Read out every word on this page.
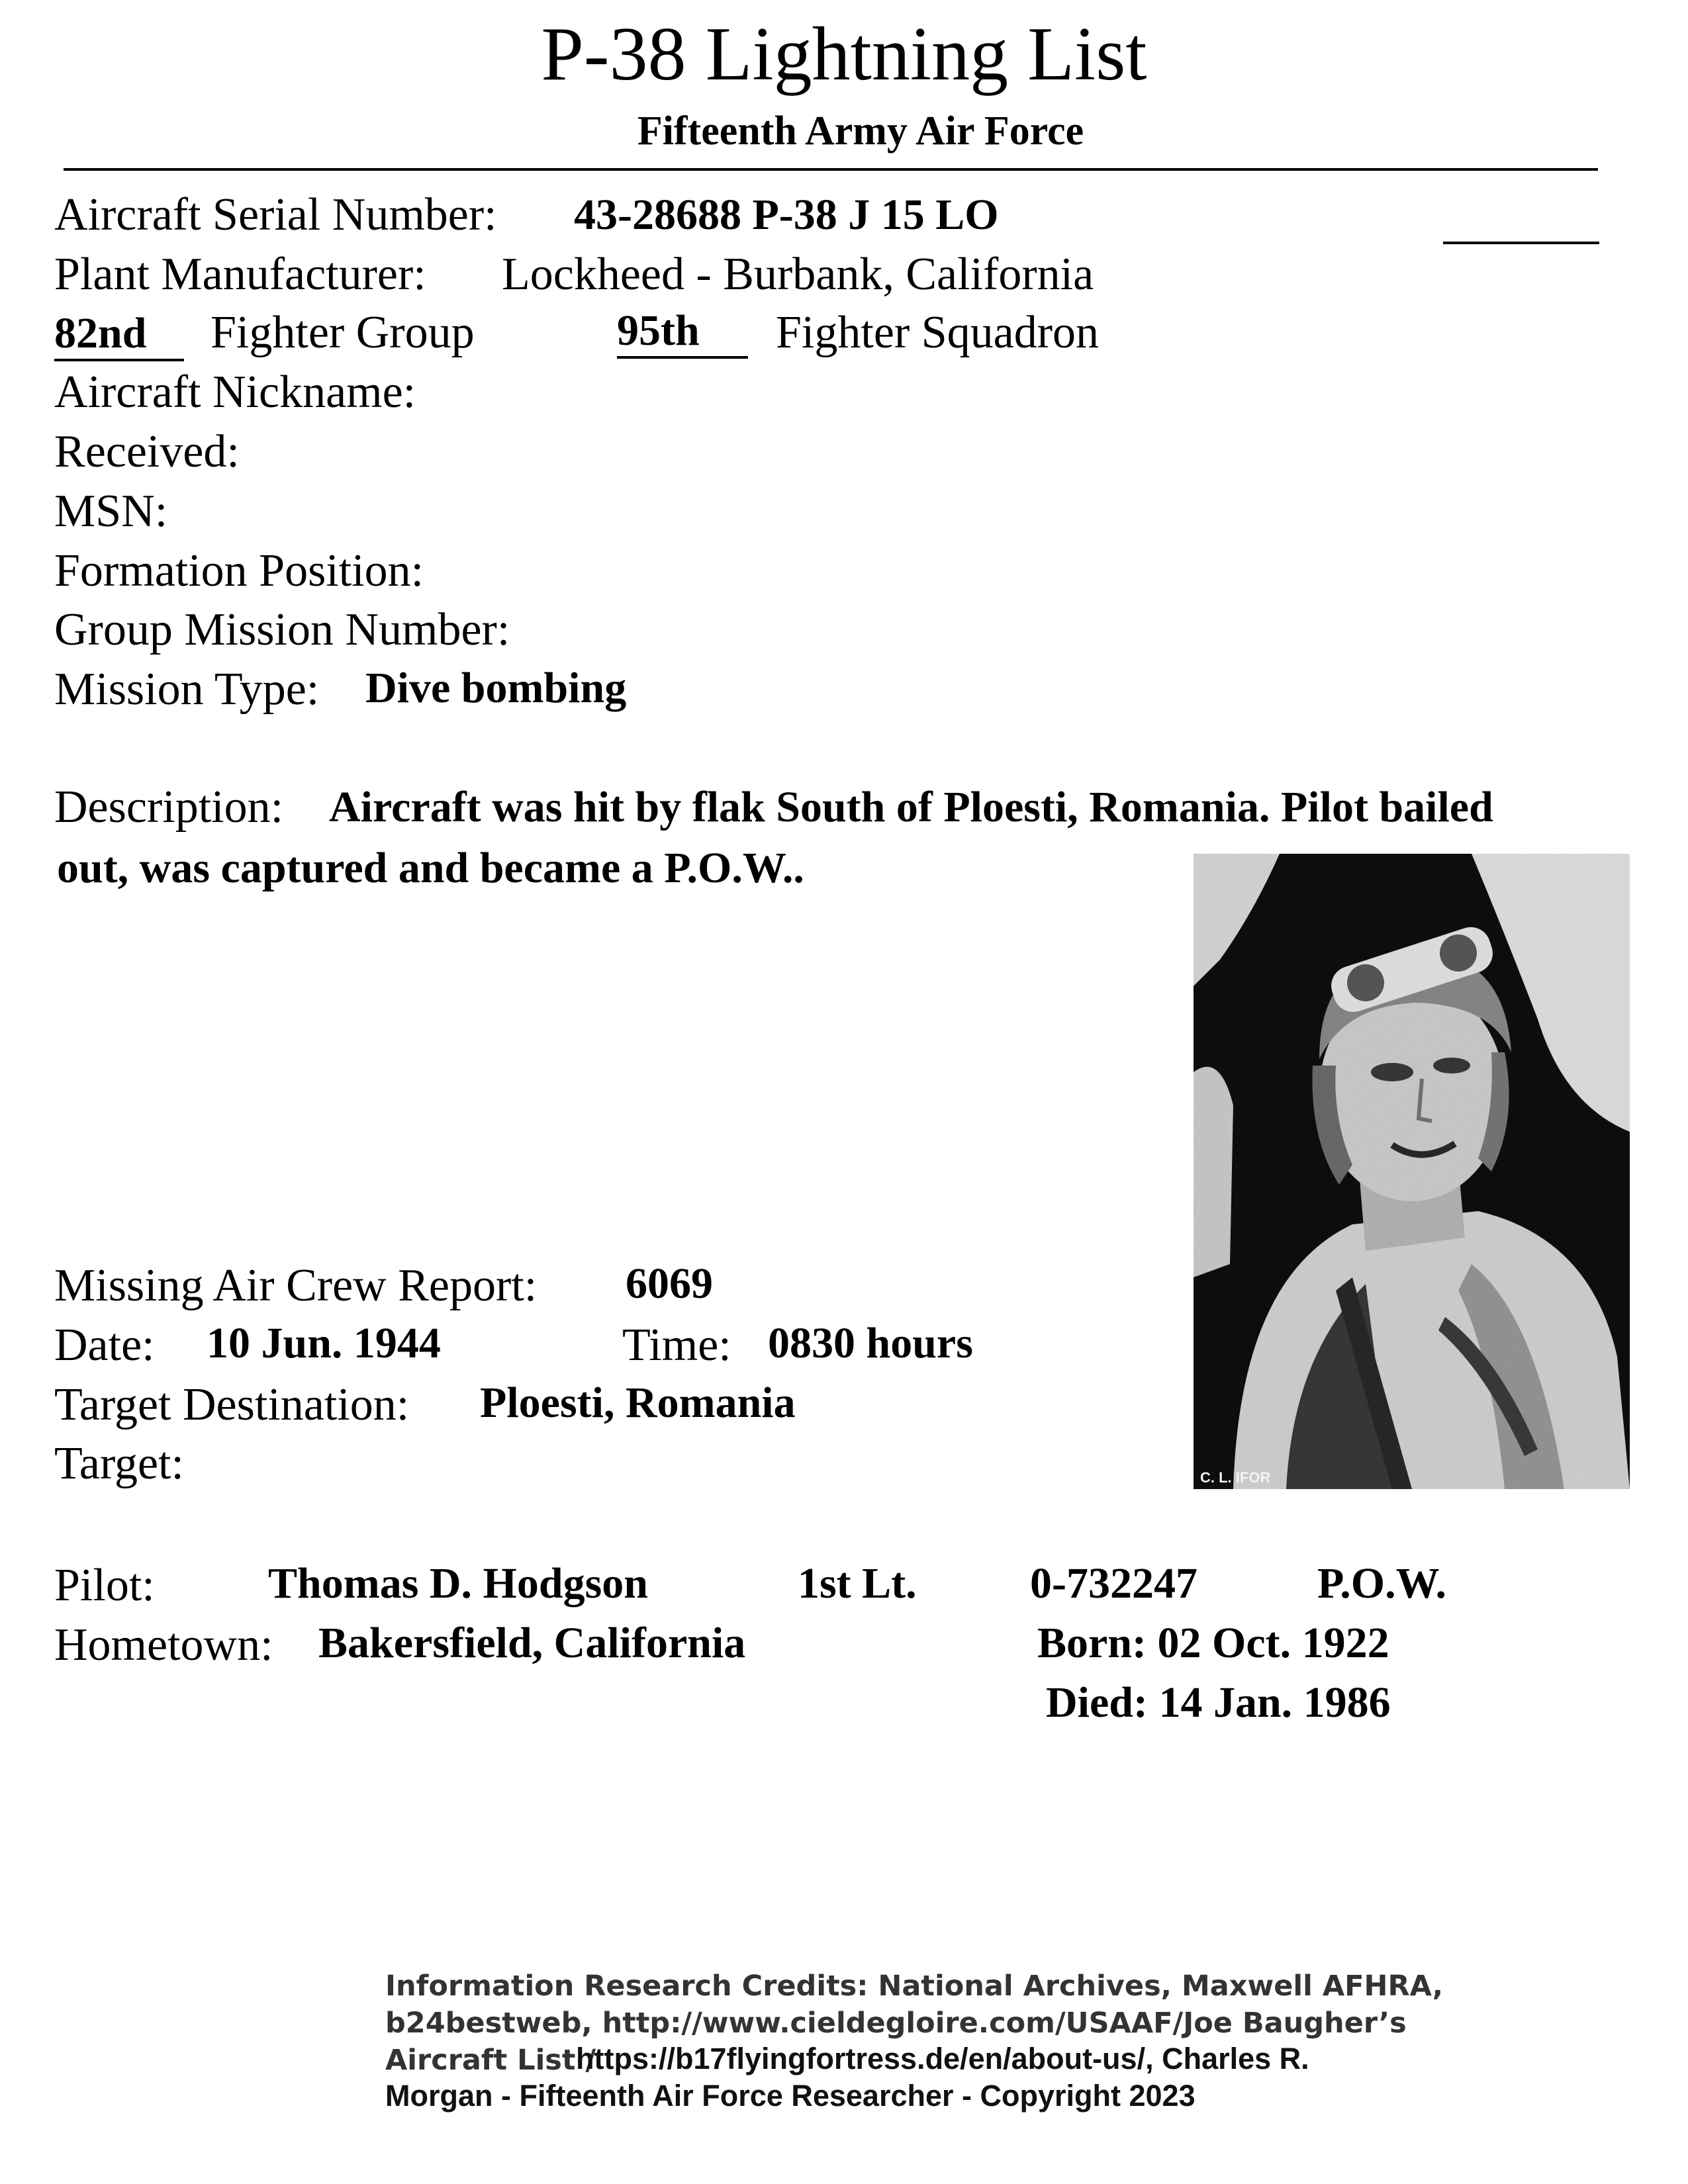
P-38 Lightning List
Fifteenth Army Air Force
Aircraft Serial Number: 43-28688 P-38 J 15 LO
Plant Manufacturer: Lockheed - Burbank, California
82nd	Fighter Group	95th	Fighter Squadron
Aircraft Nickname:
Received:
MSN:
Formation Position:
Group Mission Number:
Mission Type: Dive bombing
Description: Aircraft was hit by flak South of Ploesti, Romania. Pilot bailed
out, was captured and became a P.O.W..
C. L. IFOR
Missing Air Crew Report: 6069
Date: 10 Jun. 1944	Time: 0830 hours
Target Destination: Ploesti, Romania
Target:
Pilot:	Thomas D. Hodgson	1st Lt.	0-732247	P.O.W.
Hometown: Bakersfield, California	Born: 02 Oct. 1922
Died: 14 Jan. 1986
Information Research Credits: National Archives, Maxwell AFHRA,
b24bestweb, http://www.cieldegloire.com/USAAF/Joe Baugher’s
Aircraft List /
https://b17flyingfortress.de/en/about-us/, Charles R.
Morgan - Fifteenth Air Force Researcher - Copyright 2023
